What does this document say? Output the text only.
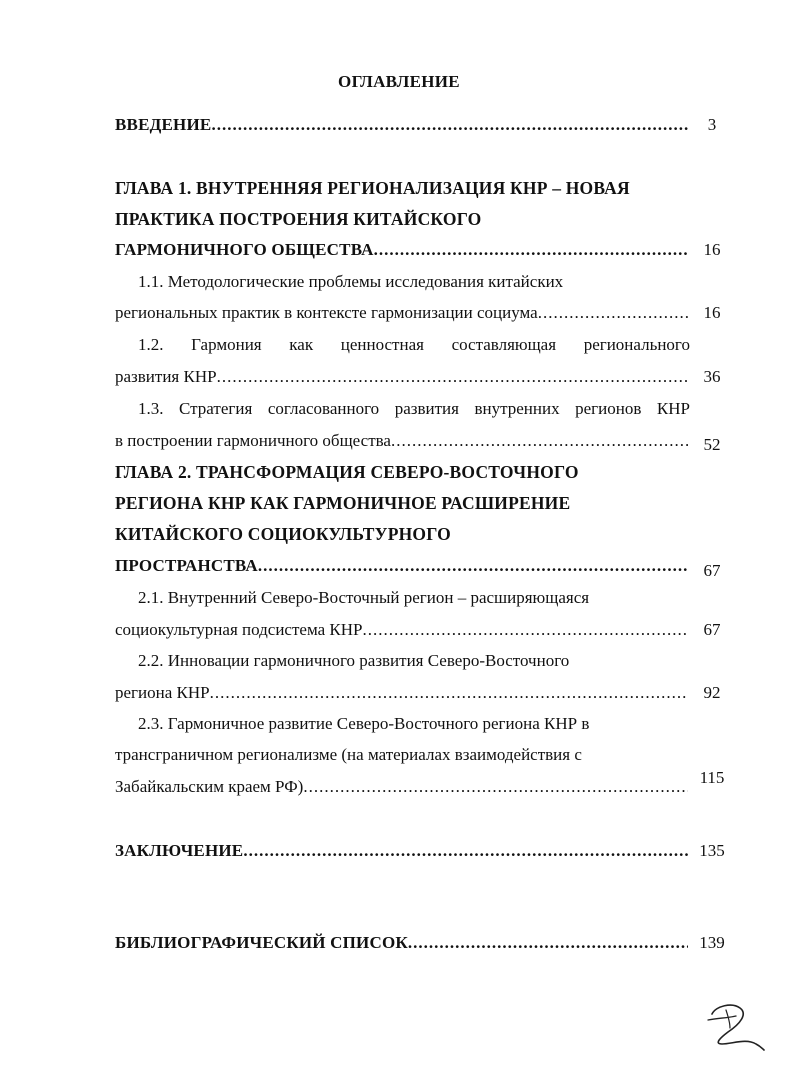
ОГЛАВЛЕНИЕ
ВВЕДЕНИЕ .....	3
ГЛАВА 1. ВНУТРЕННЯЯ РЕГИОНАЛИЗАЦИЯ КНР – НОВАЯ
ПРАКТИКА ПОСТРОЕНИЯ КИТАЙСКОГО
ГАРМОНИЧНОГО ОБЩЕСТВА .....	16
1.1. Методологические проблемы исследования китайских
региональных практик в контексте гармонизации социума .....	16
1.2. Гармония как ценностная составляющая регионального
развития КНР .....	36
1.3. Стратегия согласованного развития внутренних регионов КНР
в построении гармоничного общества .....	52
ГЛАВА 2. ТРАНСФОРМАЦИЯ СЕВЕРО-ВОСТОЧНОГО
РЕГИОНА КНР КАК ГАРМОНИЧНОЕ РАСШИРЕНИЕ
КИТАЙСКОГО СОЦИОКУЛЬТУРНОГО
ПРОСТРАНСТВА .....	67
2.1. Внутренний Северо-Восточный регион – расширяющаяся
социокультурная подсистема КНР .....	67
2.2. Инновации гармоничного развития Северо-Восточного
региона КНР .....	92
2.3. Гармоничное развитие Северо-Восточного региона КНР в
трансграничном регионализме (на материалах взаимодействия с
Забайкальским краем РФ) .....	115
ЗАКЛЮЧЕНИЕ .....	135
БИБЛИОГРАФИЧЕСКИЙ СПИСОК .....	139
